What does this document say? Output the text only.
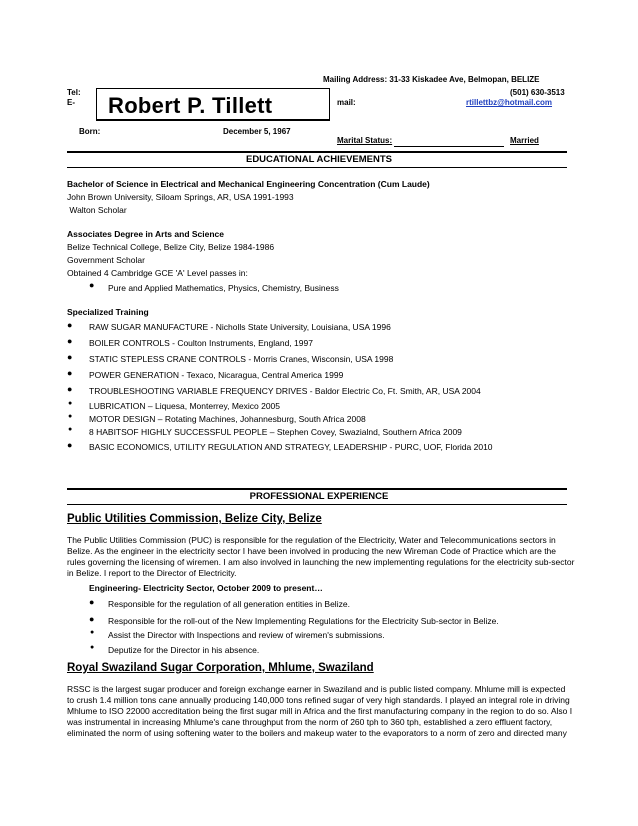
Mailing Address: 31-33 Kiskadee Ave, Belmopan, BELIZE
Tel:	(501) 630-3513
E-	mail:	rtillettbz@hotmail.com
Robert P. Tillett
Born:	December 5, 1967
Marital Status:	Married
EDUCATIONAL ACHIEVEMENTS
Bachelor of Science in Electrical and Mechanical Engineering Concentration (Cum Laude)
John Brown University, Siloam Springs, AR, USA 1991-1993
Walton Scholar
Associates Degree in Arts and Science
Belize Technical College, Belize City, Belize 1984-1986
Government Scholar
Obtained 4 Cambridge GCE 'A' Level passes in:
● Pure and Applied Mathematics, Physics, Chemistry, Business
Specialized Training
● RAW SUGAR MANUFACTURE - Nicholls State University, Louisiana, USA 1996
● BOILER CONTROLS - Coulton Instruments, England, 1997
● STATIC STEPLESS CRANE CONTROLS - Morris Cranes, Wisconsin, USA 1998
● POWER GENERATION - Texaco, Nicaragua, Central America 1999
● TROUBLESHOOTING VARIABLE FREQUENCY DRIVES - Baldor Electric Co, Ft. Smith, AR, USA 2004
● LUBRICATION – Liquesa, Monterrey, Mexico 2005
● MOTOR DESIGN – Rotating Machines, Johannesburg, South Africa 2008
● 8 HABITSOF HIGHLY SUCCESSFUL PEOPLE – Stephen Covey, Swazialnd, Southern Africa 2009
● BASIC ECONOMICS, UTILITY REGULATION AND STRATEGY, LEADERSHIP - PURC, UOF, Florida 2010
PROFESSIONAL EXPERIENCE
Public Utilities Commission, Belize City, Belize
The Public Utilities Commission (PUC) is responsible for the regulation of the Electricity, Water and Telecommunications sectors in
Belize. As the engineer in the electricity sector I have been involved in producing the new Wireman Code of Practice which are the
rules governing the licensing of wiremen. I am also involved in launching the new implementing regulations for the electricity sub-sector
in Belize. I report to the Director of Electricity.
Engineering- Electricity Sector, October 2009 to present…
● Responsible for the regulation of all generation entities in Belize.
● Responsible for the roll-out of the New Implementing Regulations for the Electricity Sub-sector in Belize.
● Assist the Director with Inspections and review of wiremen's submissions.
● Deputize for the Director in his absence.
Royal Swaziland Sugar Corporation, Mhlume, Swaziland
RSSC is the largest sugar producer and foreign exchange earner in Swaziland and is public listed company. Mhlume mill is expected
to crush 1.4 million tons cane annually producing 140,000 tons refined sugar of very high standards. I played an integral role in driving
Mhlume to ISO 22000 accreditation being the first sugar mill in Africa and the first manufacturing company in the region to do so. Also I
was instrumental in increasing Mhlume's cane throughput from the norm of 260 tph to 360 tph, established a zero effluent factory,
eliminated the norm of using softening water to the boilers and makeup water to the evaporators to a norm of zero and directed many
